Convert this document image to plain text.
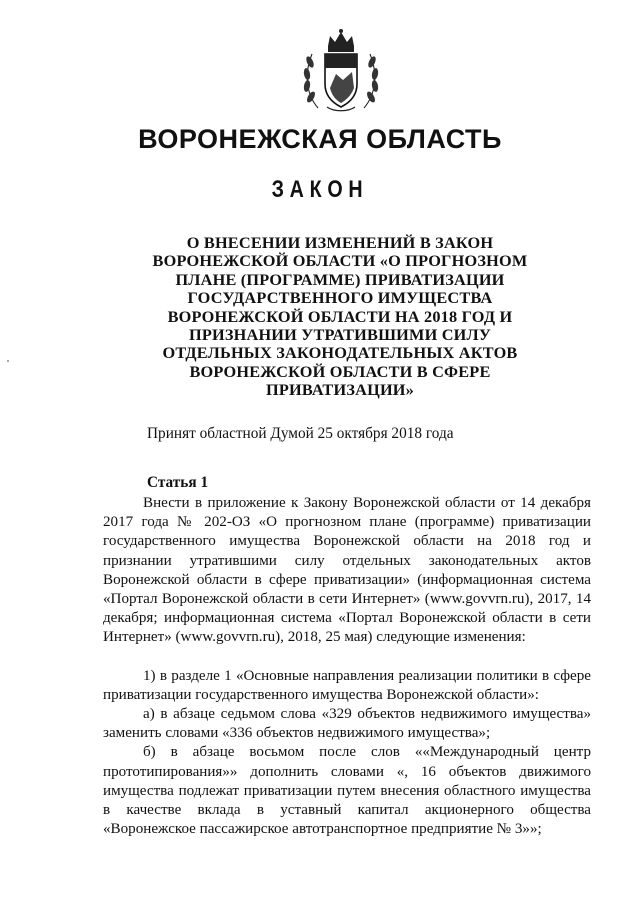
ВОРОНЕЖСКАЯ ОБЛАСТЬ
ЗАКОН
О ВНЕСЕНИИ ИЗМЕНЕНИЙ В ЗАКОН
ВОРОНЕЖСКОЙ ОБЛАСТИ «О ПРОГНОЗНОМ
ПЛАНЕ (ПРОГРАММЕ) ПРИВАТИЗАЦИИ
ГОСУДАРСТВЕННОГО ИМУЩЕСТВА
ВОРОНЕЖСКОЙ ОБЛАСТИ НА 2018 ГОД И
ПРИЗНАНИИ УТРАТИВШИМИ СИЛУ
ОТДЕЛЬНЫХ ЗАКОНОДАТЕЛЬНЫХ АКТОВ
ВОРОНЕЖСКОЙ ОБЛАСТИ В СФЕРЕ
ПРИВАТИЗАЦИИ»
Принят областной Думой 25 октября 2018 года
Статья 1

Внести в приложение к Закону Воронежской области от 14 декабря 2017 года № 202-ОЗ «О прогнозном плане (программе) приватизации государственного имущества Воронежской области на 2018 год и признании утратившими силу отдельных законодательных актов Воронежской области в сфере приватизации» (информационная система «Портал Воронежской области в сети Интернет» (www.govvrn.ru), 2017, 14 декабря; информационная система «Портал Воронежской области в сети Интернет» (www.govvrn.ru), 2018, 25 мая) следующие изменения:

1) в разделе 1 «Основные направления реализации политики в сфере приватизации государственного имущества Воронежской области»:

а) в абзаце седьмом слова «329 объектов недвижимого имущества» заменить словами «336 объектов недвижимого имущества»;

б) в абзаце восьмом после слов ««Международный центр прототипирования»» дополнить словами «, 16 объектов движимого имущества подлежат приватизации путем внесения областного имущества в качестве вклада в уставный капитал акционерного общества «Воронежское пассажирское автотранспортное предприятие № 3»»;
